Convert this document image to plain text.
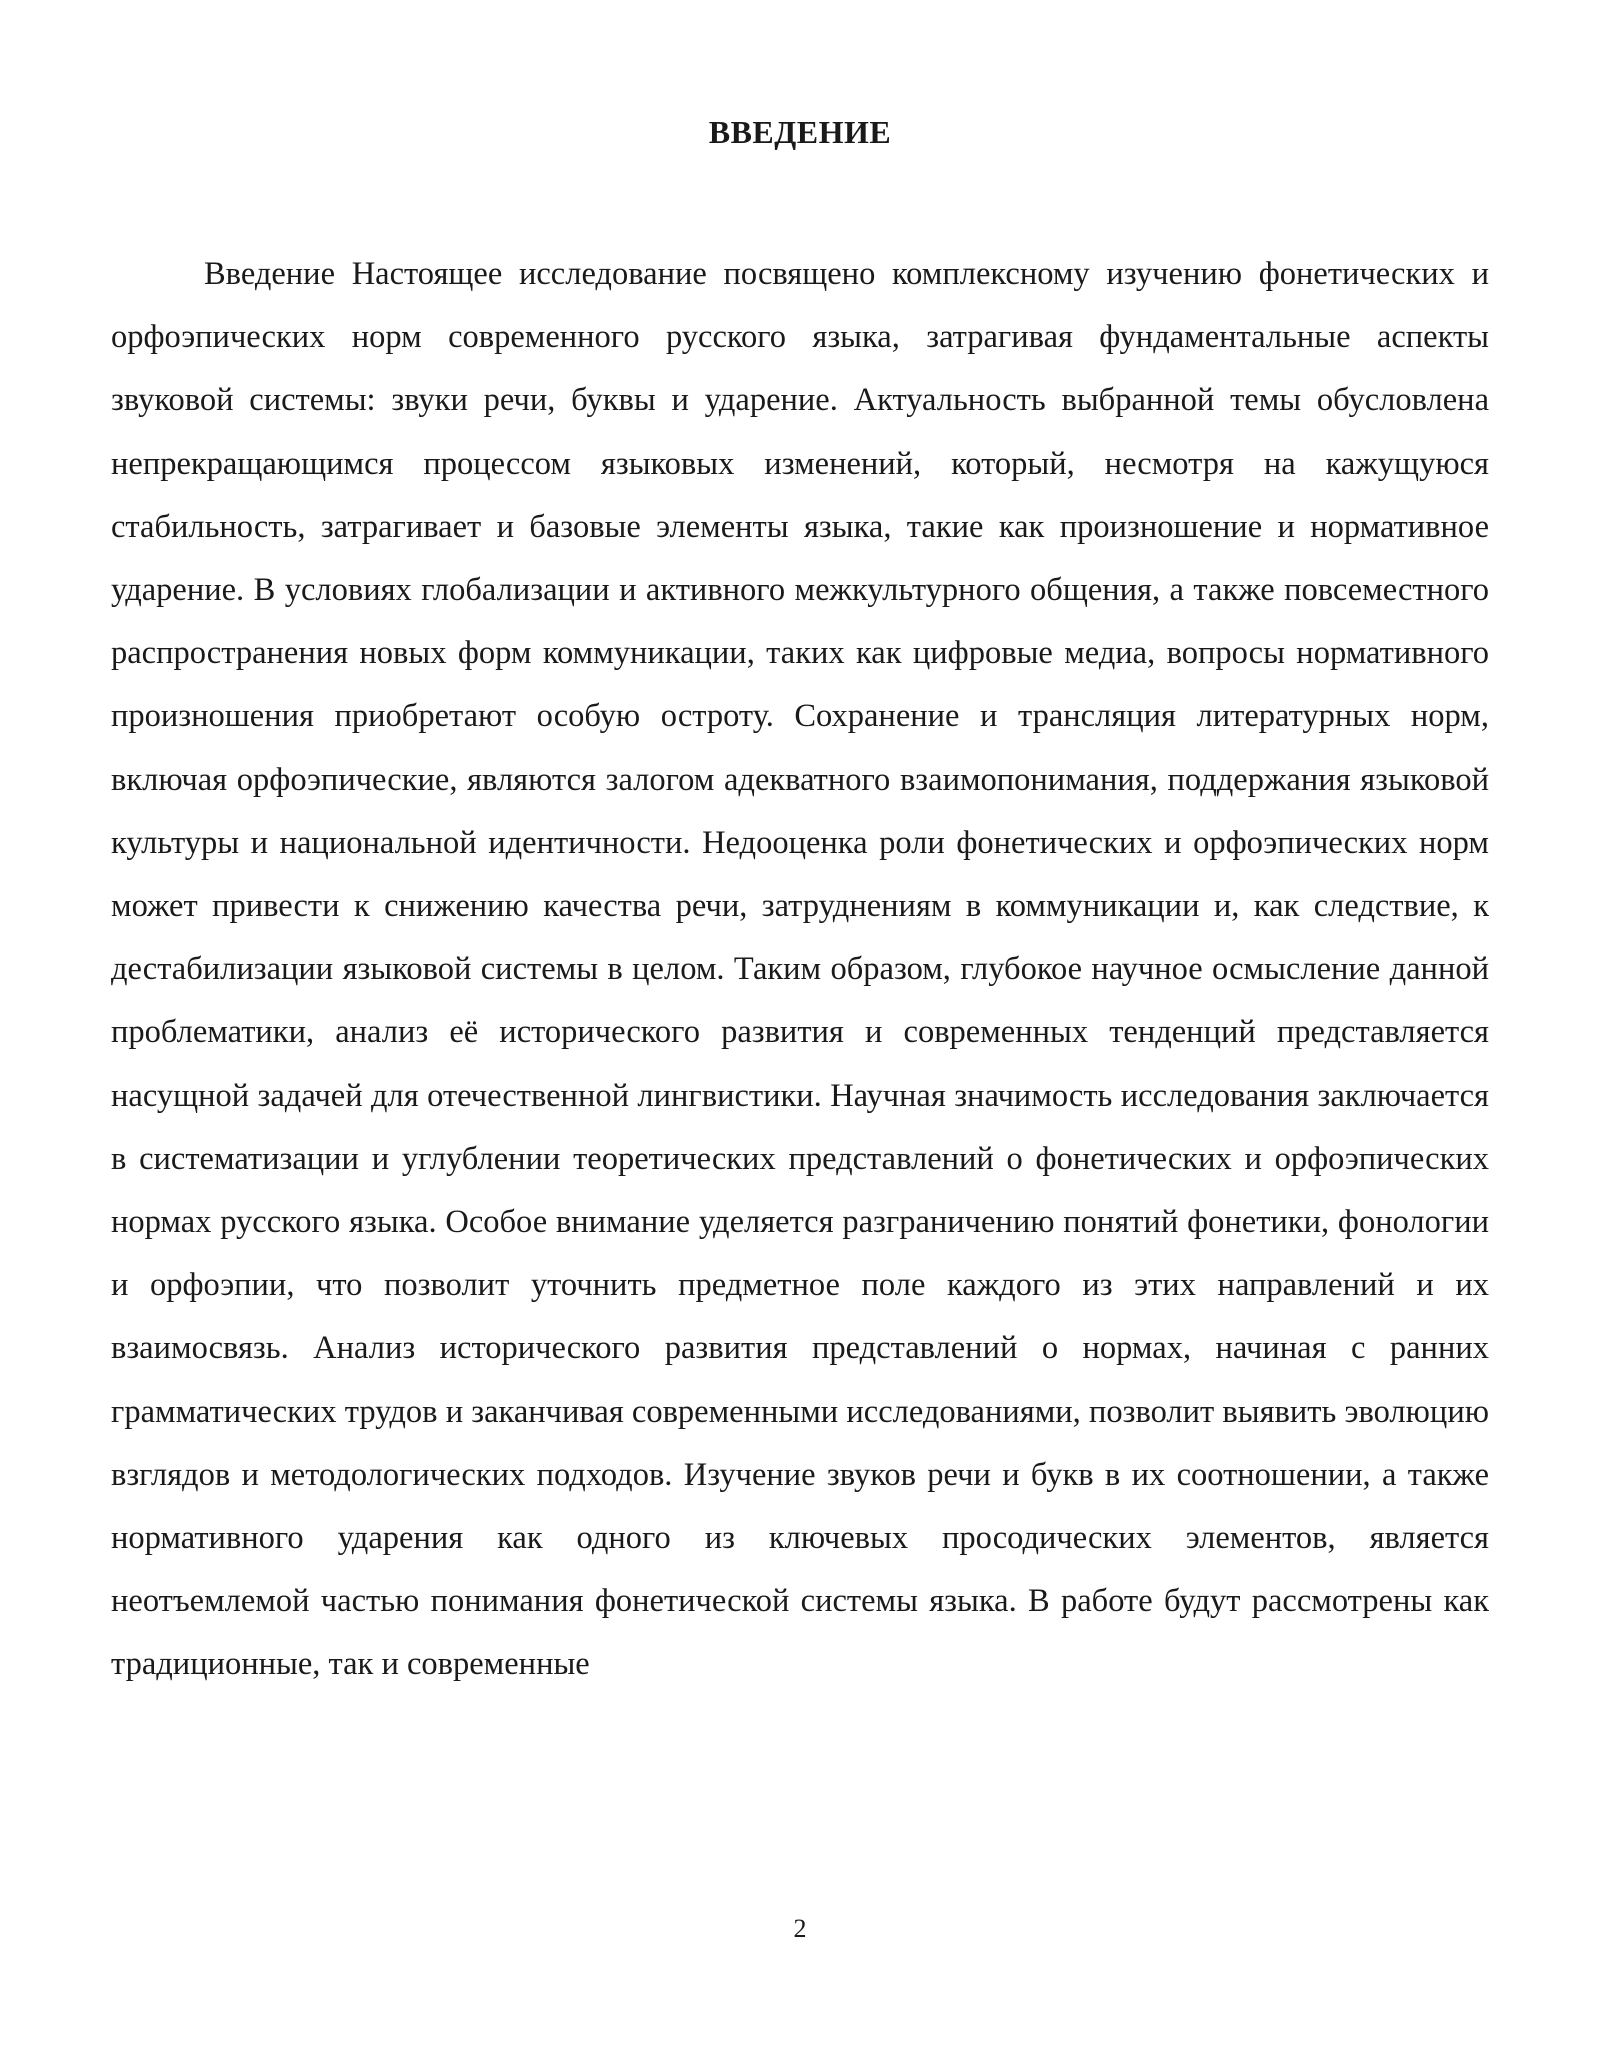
ВВЕДЕНИЕ

Введение Настоящее исследование посвящено комплексному изучению фонетических и орфоэпических норм современного русского языка, затрагивая фундаментальные аспекты звуковой системы: звуки речи, буквы и ударение. Актуальность выбранной темы обусловлена непрекращающимся процессом языковых изменений, который, несмотря на кажущуюся стабильность, затрагивает и базовые элементы языка, такие как произношение и нормативное ударение. В условиях глобализации и активного межкультурного общения, а также повсеместного распространения новых форм коммуникации, таких как цифровые медиа, вопросы нормативного произношения приобретают особую остроту. Сохранение и трансляция литературных норм, включая орфоэпические, являются залогом адекватного взаимопонимания, поддержания языковой культуры и национальной идентичности. Недооценка роли фонетических и орфоэпических норм может привести к снижению качества речи, затруднениям в коммуникации и, как следствие, к дестабилизации языковой системы в целом. Таким образом, глубокое научное осмысление данной проблематики, анализ её исторического развития и современных тенденций представляется насущной задачей для отечественной лингвистики. Научная значимость исследования заключается в систематизации и углублении теоретических представлений о фонетических и орфоэпических нормах русского языка. Особое внимание уделяется разграничению понятий фонетики, фонологии и орфоэпии, что позволит уточнить предметное поле каждого из этих направлений и их взаимосвязь. Анализ исторического развития представлений о нормах, начиная с ранних грамматических трудов и заканчивая современными исследованиями, позволит выявить эволюцию взглядов и методологических подходов. Изучение звуков речи и букв в их соотношении, а также нормативного ударения как одного из ключевых просодических элементов, является неотъемлемой частью понимания фонетической системы языка. В работе будут рассмотрены как традиционные, так и современные

2
